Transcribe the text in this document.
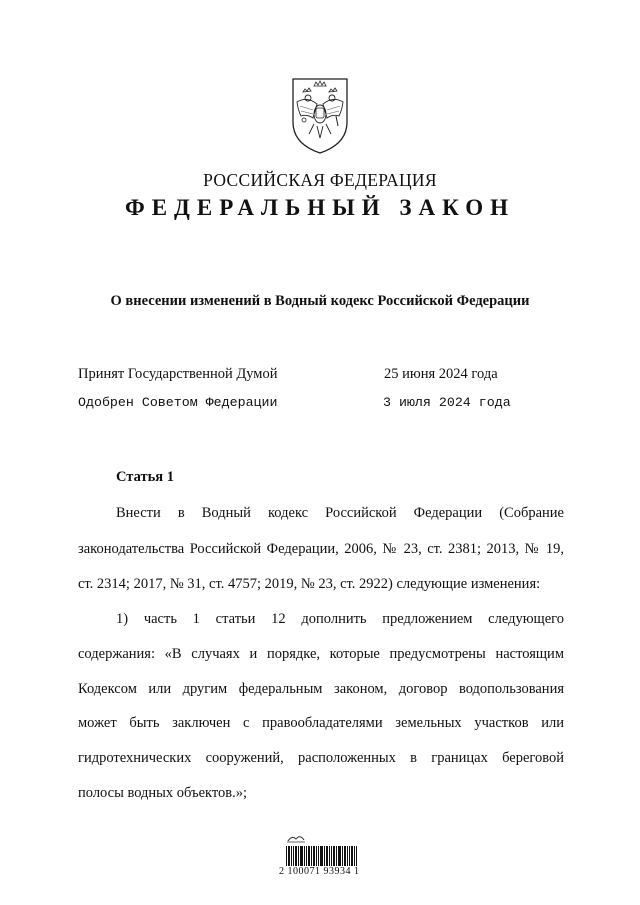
РОССИЙСКАЯ ФЕДЕРАЦИЯ
ФЕДЕРАЛЬНЫЙ ЗАКОН
О внесении изменений в Водный кодекс Российской Федерации
Принят Государственной Думой	25 июня 2024 года
Одобрен Советом Федерации	3 июля 2024 года
Статья 1
Внести в Водный кодекс Российской Федерации (Собрание
законодательства Российской Федерации, 2006, № 23, ст. 2381; 2013, № 19,
ст. 2314; 2017, № 31, ст. 4757; 2019, № 23, ст. 2922) следующие изменения:
1) часть 1 статьи 12 дополнить предложением следующего
содержания: «В случаях и порядке, которые предусмотрены настоящим
Кодексом или другим федеральным законом, договор водопользования
может быть заключен с правообладателями земельных участков или
гидротехнических сооружений, расположенных в границах береговой
полосы водных объектов.»;
2 100071 93934 1
